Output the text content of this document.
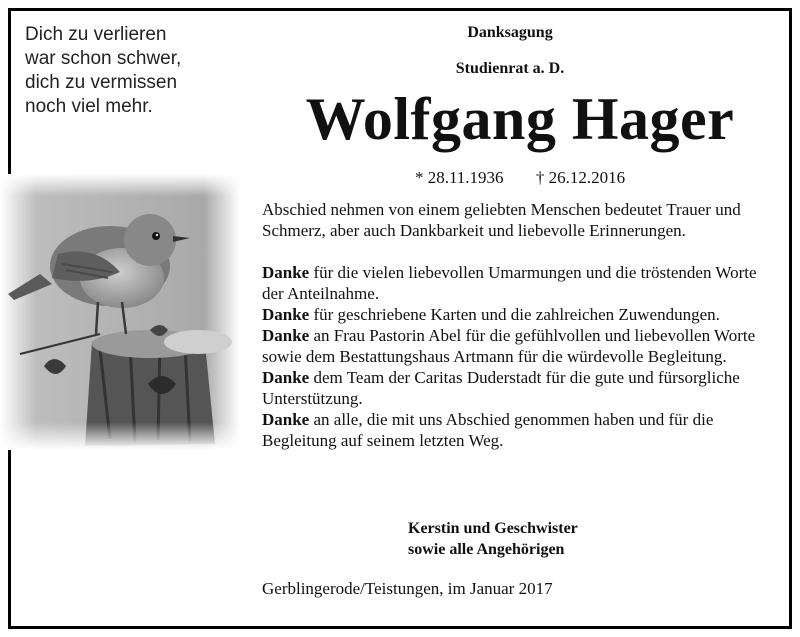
Dich zu verlieren
war schon schwer,
dich zu vermissen
noch viel mehr.
Danksagung
Studienrat a. D.
Wolfgang Hager
* 28.11.1936 † 26.12.2016

Abschied nehmen von einem geliebten Menschen bedeutet Trauer und Schmerz, aber auch Dankbarkeit und liebevolle Erinnerungen.

Danke für die vielen liebevollen Umarmungen und die tröstenden Worte der Anteilnahme.

Danke für geschriebene Karten und die zahlreichen Zuwendungen.

Danke an Frau Pastorin Abel für die gefühlvollen und liebevollen Worte sowie dem Bestattungshaus Artmann für die würdevolle Begleitung.

Danke dem Team der Caritas Duderstadt für die gute und fürsorgliche Unterstützung.

Danke an alle, die mit uns Abschied genommen haben und für die Begleitung auf seinem letzten Weg.

Kerstin und Geschwister
sowie alle Angehörigen
Gerblingerode/Teistungen, im Januar 2017
